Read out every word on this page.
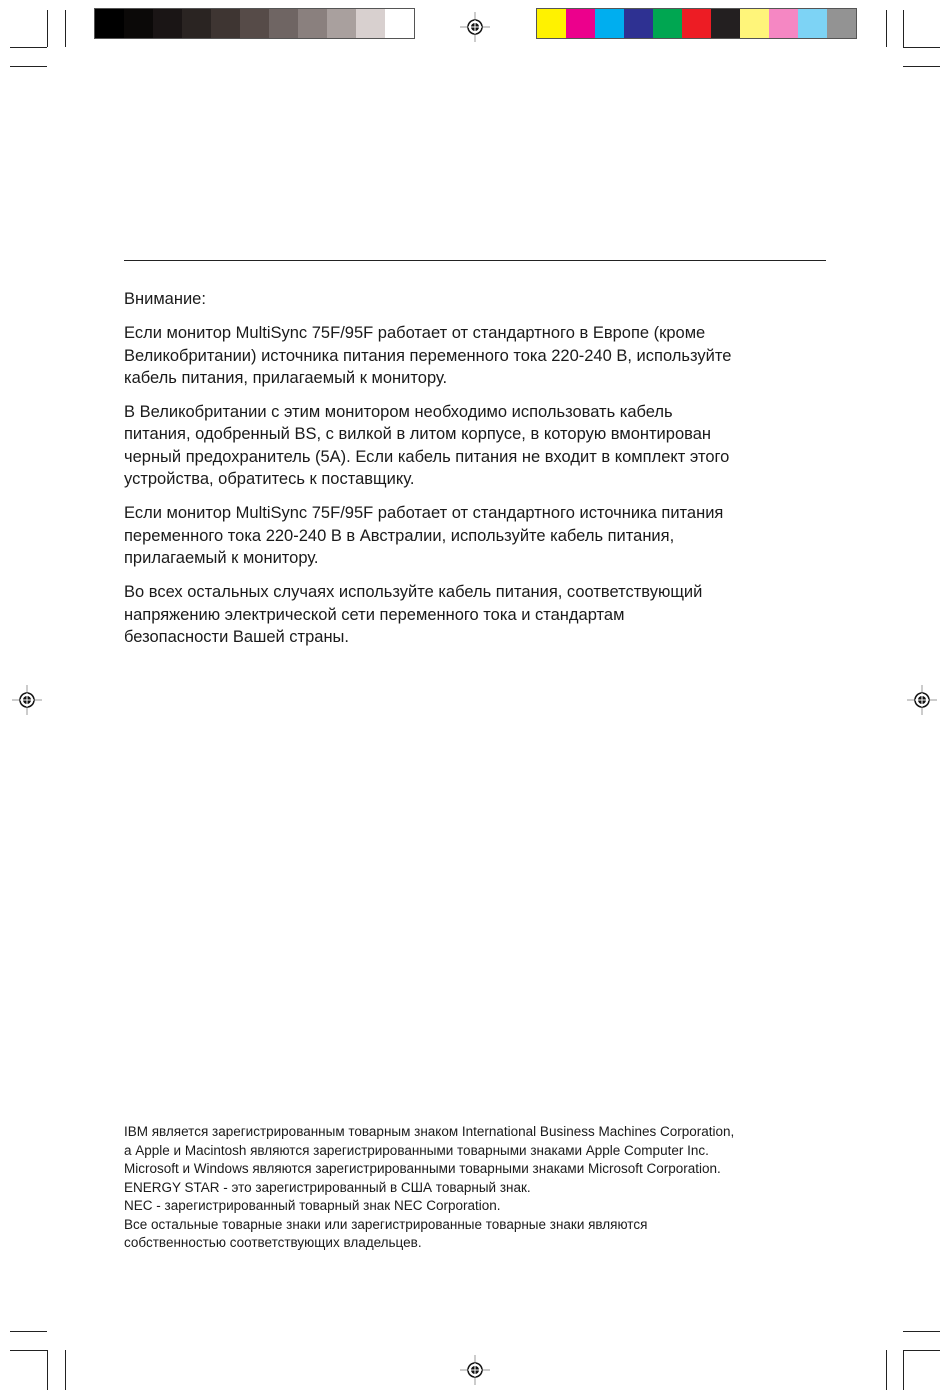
Внимание:

Если монитор MultiSync 75F/95F работает от стандартного в Европе (кроме
Великобритании) источника питания переменного тока 220-240 В, используйте
кабель питания, прилагаемый к монитору.

В Великобритании с этим монитором необходимо использовать кабель
питания, одобренный BS, с вилкой в литом корпусе, в которую вмонтирован
черный предохранитель (5А). Если кабель питания не входит в комплект этого
устройства, обратитесь к поставщику.

Если монитор MultiSync 75F/95F работает от стандартного источника питания
переменного тока 220-240 В в Австралии, используйте кабель питания,
прилагаемый к монитору.

Во всех остальных случаях используйте кабель питания, соответствующий
напряжению электрической сети переменного тока и стандартам
безопасности Вашей страны.

IBM является зарегистрированным товарным знаком International Business Machines Corporation,
а Apple и Macintosh являются зарегистрированными товарными знаками Apple Computer Inc.
Microsoft и Windows являются зарегистрированными товарными знаками Microsoft Corporation.
ENERGY STAR - это зарегистрированный в США товарный знак.
NEC - зарегистрированный товарный знак NEC Corporation.
Все остальные товарные знаки или зарегистрированные товарные знаки являются
собственностью соответствующих владельцев.
